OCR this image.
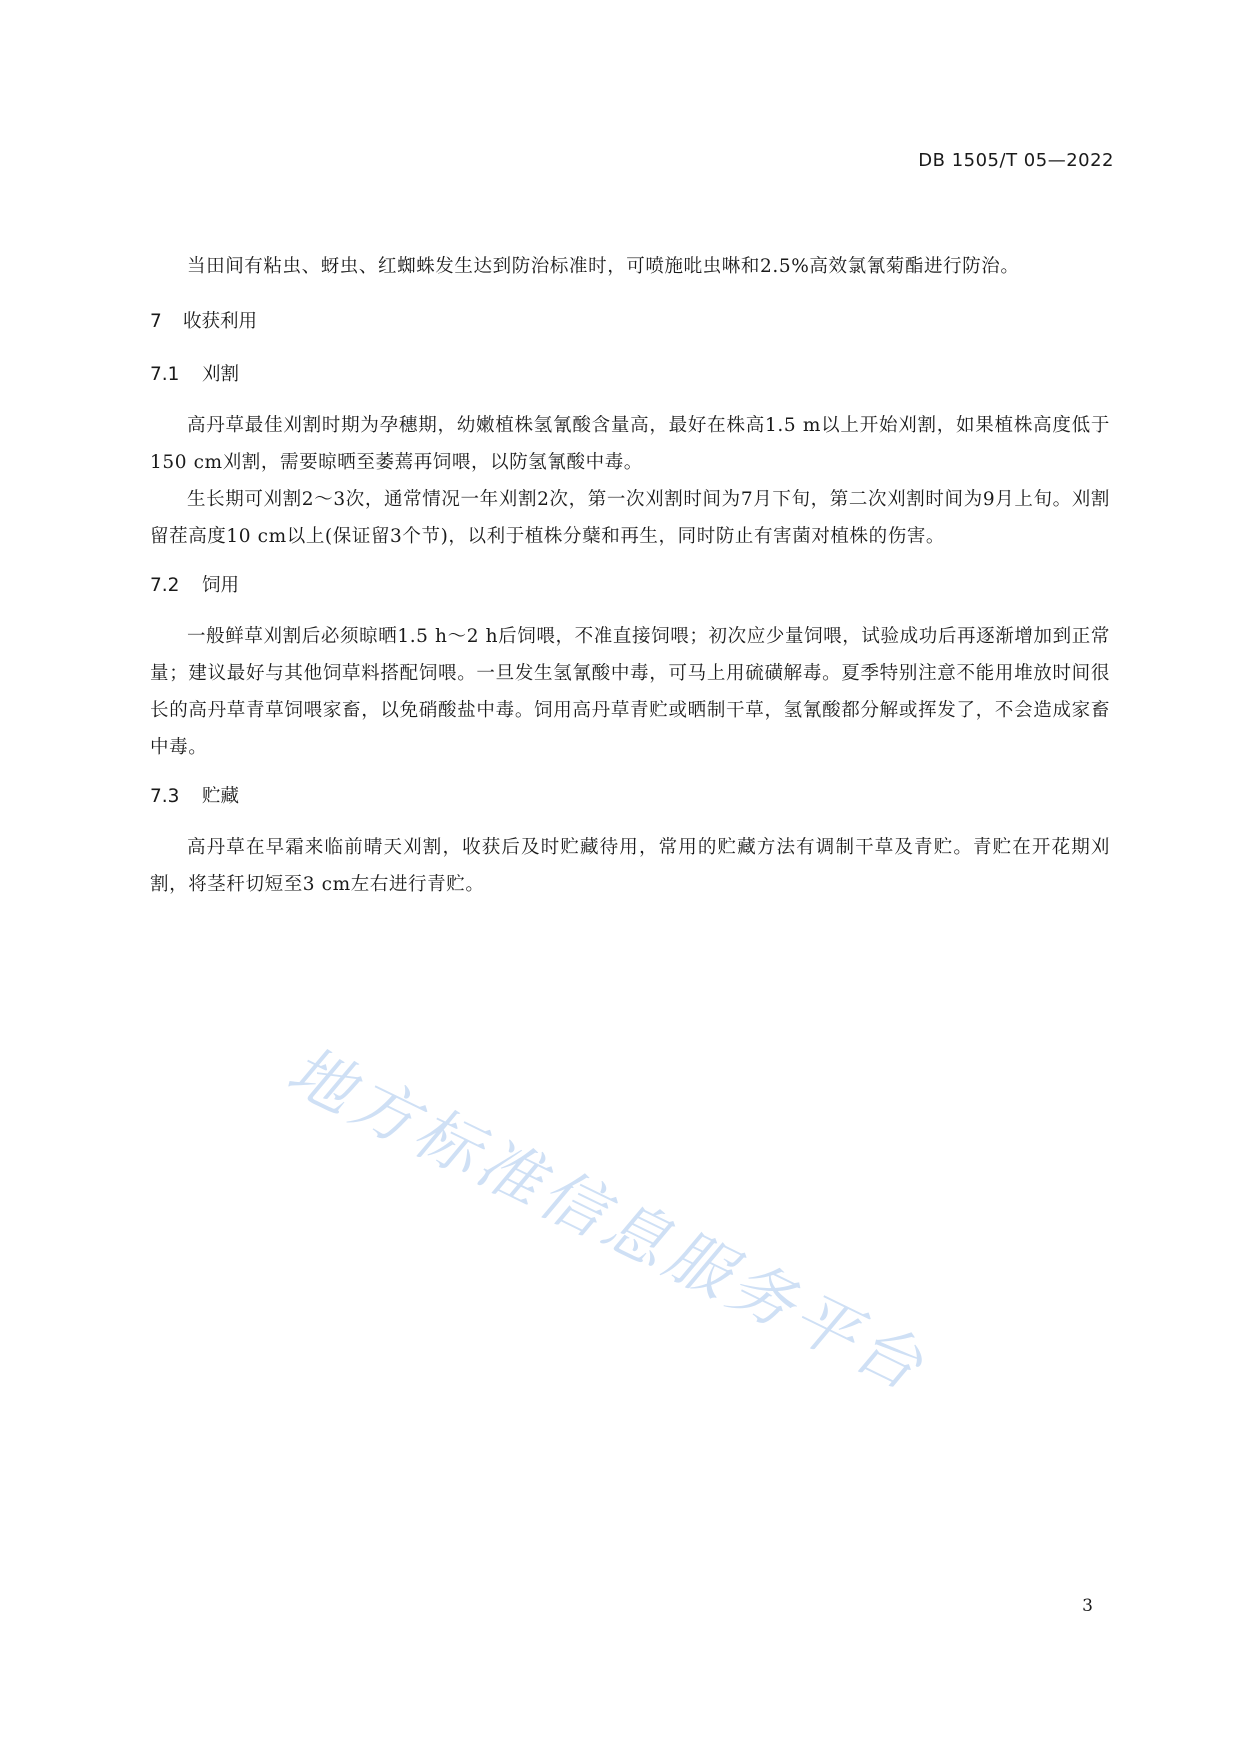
DB 1505/T 05—2022

当田间有粘虫、蚜虫、红蜘蛛发生达到防治标准时，可喷施吡虫啉和2.5%高效氯氰菊酯进行防治。

7 收获利用
7.1 刈割

高丹草最佳刈割时期为孕穗期，幼嫩植株氢氰酸含量高，最好在株高1.5 m以上开始刈割，如果植株高度低于150 cm刈割，需要晾晒至萎蔫再饲喂，以防氢氰酸中毒。

生长期可刈割2～3次，通常情况一年刈割2次，第一次刈割时间为7月下旬，第二次刈割时间为9月上旬。刈割留茬高度10 cm以上(保证留3个节)，以利于植株分蘖和再生，同时防止有害菌对植株的伤害。

7.2 饲用

一般鲜草刈割后必须晾晒1.5 h～2 h后饲喂，不准直接饲喂；初次应少量饲喂，试验成功后再逐渐增加到正常量；建议最好与其他饲草料搭配饲喂。一旦发生氢氰酸中毒，可马上用硫磺解毒。夏季特别注意不能用堆放时间很长的高丹草青草饲喂家畜，以免硝酸盐中毒。饲用高丹草青贮或晒制干草，氢氰酸都分解或挥发了，不会造成家畜中毒。

7.3 贮藏

高丹草在早霜来临前晴天刈割，收获后及时贮藏待用，常用的贮藏方法有调制干草及青贮。青贮在开花期刈割，将茎秆切短至3 cm左右进行青贮。

地方标准信息服务平台
3
